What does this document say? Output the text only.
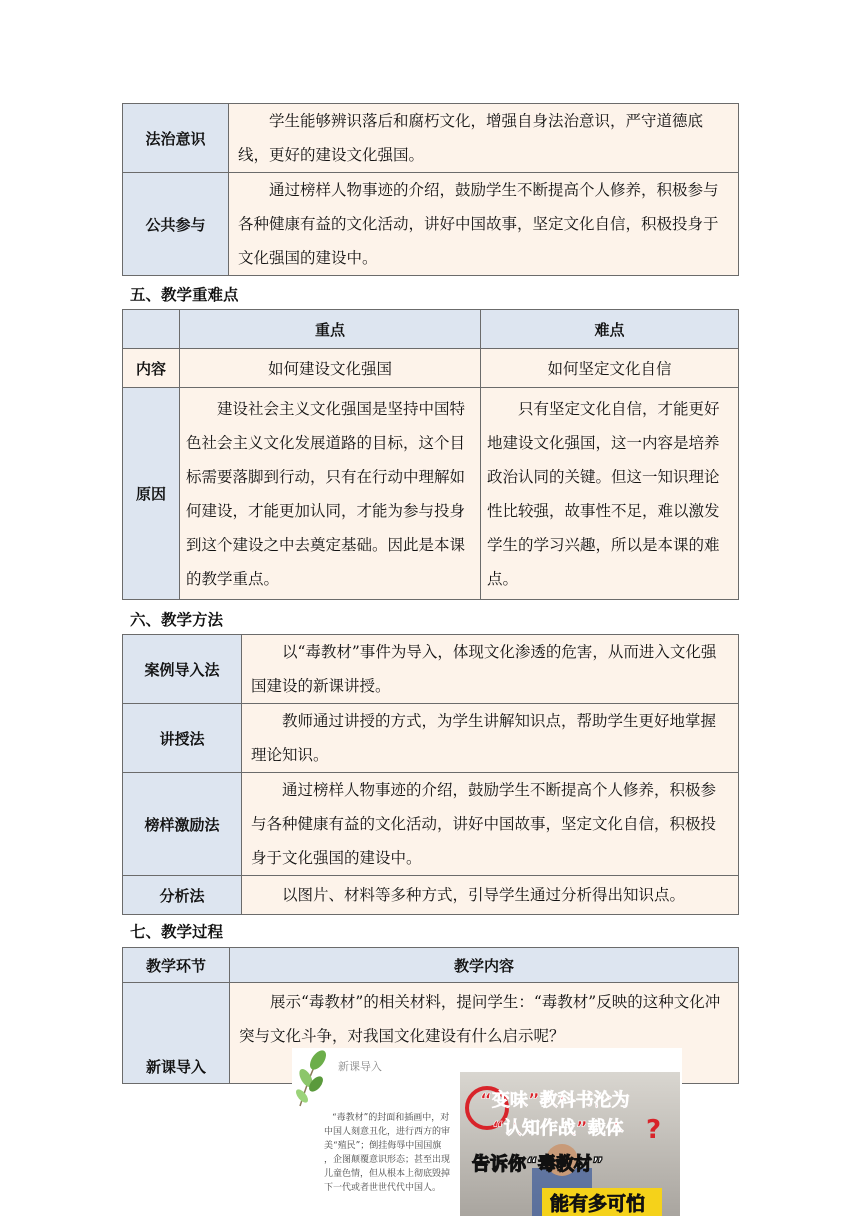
法治意识	学生能够辨识落后和腐朽文化，增强自身法治意识，严守道德底线，更好的建设文化强国。

公共参与	通过榜样人物事迹的介绍，鼓励学生不断提高个人修养，积极参与各种健康有益的文化活动，讲好中国故事，坚定文化自信，积极投身于文化强国的建设中。

五、教学重难点
	重点	难点
内容	如何建设文化强国	如何坚定文化自信
原因	建设社会主义文化强国是坚持中国特色社会主义文化发展道路的目标，这个目标需要落脚到行动，只有在行动中理解如何建设，才能更加认同，才能为参与投身到这个建设之中去奠定基础。因此是本课的教学重点。	只有坚定文化自信，才能更好地建设文化强国，这一内容是培养政治认同的关键。但这一知识理论性比较强，故事性不足，难以激发学生的学习兴趣，所以是本课的难点。

六、教学方法
案例导入法	以“毒教材”事件为导入，体现文化渗透的危害，从而进入文化强国建设的新课讲授。

讲授法	教师通过讲授的方式，为学生讲解知识点，帮助学生更好地掌握理论知识。

榜样激励法	通过榜样人物事迹的介绍，鼓励学生不断提高个人修养，积极参与各种健康有益的文化活动，讲好中国故事，坚定文化自信，积极投身于文化强国的建设中。

分析法	以图片、材料等多种方式，引导学生通过分析得出知识点。

七、教学过程
教学环节	教学内容
新课导入	展示“毒教材”的相关材料，提问学生：“毒教材”反映的这种文化冲突与文化斗争，对我国文化建设有什么启示呢？

新课导入
“毒教材”的封面和插画中，对中国人刻意丑化，进行西方的审美“殖民”；倒挂侮辱中国国旗，企图颠覆意识形态；甚至出现儿童色情，但从根本上彻底毁掉下一代或者世世代代中国人。
“变味”教科书沦为
“认知作战”载体 ?
告诉你“毒教材”
能有多可怕
